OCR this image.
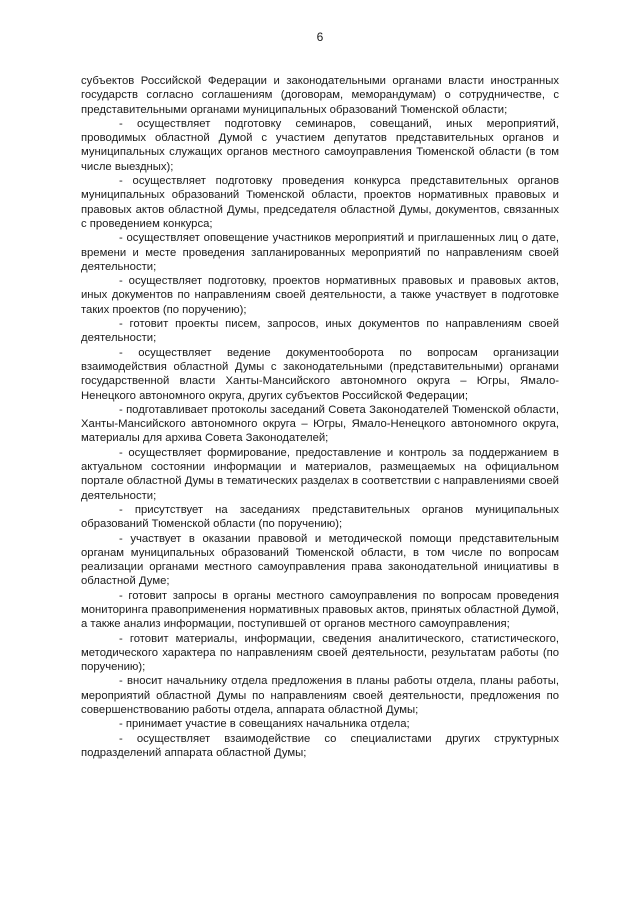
6

субъектов Российской Федерации и законодательными органами власти иностранных государств согласно соглашениям (договорам, меморандумам) о сотрудничестве, с представительными органами муниципальных образований Тюменской области;

- осуществляет подготовку семинаров, совещаний, иных мероприятий, проводимых областной Думой с участием депутатов представительных органов и муниципальных служащих органов местного самоуправления Тюменской области (в том числе выездных);

- осуществляет подготовку проведения конкурса представительных органов муниципальных образований Тюменской области, проектов нормативных правовых и правовых актов областной Думы, председателя областной Думы, документов, связанных с проведением конкурса;

- осуществляет оповещение участников мероприятий и приглашенных лиц о дате, времени и месте проведения запланированных мероприятий по направлениям своей деятельности;

- осуществляет подготовку, проектов нормативных правовых и правовых актов, иных документов по направлениям своей деятельности, а также участвует в подготовке таких проектов (по поручению);

- готовит проекты писем, запросов, иных документов по направлениям своей деятельности;

- осуществляет ведение документооборота по вопросам организации взаимодействия областной Думы с законодательными (представительными) органами государственной власти Ханты-Мансийского автономного округа – Югры, Ямало-Ненецкого автономного округа, других субъектов Российской Федерации;

- подготавливает протоколы заседаний Совета Законодателей Тюменской области, Ханты-Мансийского автономного округа – Югры, Ямало-Ненецкого автономного округа, материалы для архива Совета Законодателей;

- осуществляет формирование, предоставление и контроль за поддержанием в актуальном состоянии информации и материалов, размещаемых на официальном портале областной Думы в тематических разделах в соответствии с направлениями своей деятельности;

- присутствует на заседаниях представительных органов муниципальных образований Тюменской области (по поручению);

- участвует в оказании правовой и методической помощи представительным органам муниципальных образований Тюменской области, в том числе по вопросам реализации органами местного самоуправления права законодательной инициативы в областной Думе;

- готовит запросы в органы местного самоуправления по вопросам проведения мониторинга правоприменения нормативных правовых актов, принятых областной Думой, а также анализ информации, поступившей от органов местного самоуправления;

- готовит материалы, информации, сведения аналитического, статистического, методического характера по направлениям своей деятельности, результатам работы (по поручению);

- вносит начальнику отдела предложения в планы работы отдела, планы работы, мероприятий областной Думы по направлениям своей деятельности, предложения по совершенствованию работы отдела, аппарата областной Думы;

- принимает участие в совещаниях начальника отдела;

- осуществляет взаимодействие со специалистами других структурных подразделений аппарата областной Думы;
